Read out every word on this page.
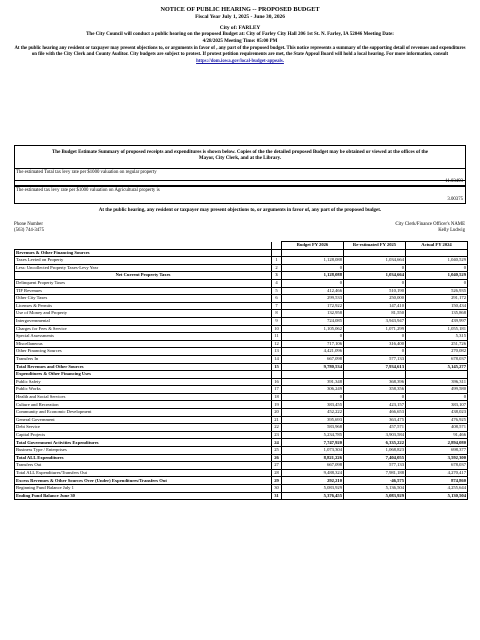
NOTICE OF PUBLIC HEARING -- PROPOSED BUDGET
Fiscal Year July 1, 2025 - June 30, 2026
City of: FARLEY
The City Council will conduct a public hearing on the proposed Budget at: City of Farley City Hall 206 1st St. N. Farley, IA 52046 Meeting Date:
4/28/2025 Meeting Time: 05:00 PM
At the public hearing any resident or taxpayer may present objections to, or arguments in favor of , any part of the proposed budget. This notice represents a summary of the supporting detail of revenues and expenditures on file with the City Clerk and County Auditor. City budgets are subject to protest. If protest petition requirements are met, the State Appeal Board will hold a local hearing. For more information, consult https://dom.iowa.gov/local-budget-appeals.
The Budget Estimate Summary of proposed receipts and expenditures is shown below. Copies of the the detailed proposed Budget may be obtained or viewed at the offices of the Mayor, City Clerk, and at the Library.
The estimated Total tax levy rate per $1000 valuation on regular property
11.03493
The estimated tax levy rate per $1000 valuation on Agricultural property is
3.00375
At the public hearing, any resident or taxpayer may present objections to, or arguments in favor of, any part of the proposed budget.
Phone Number
(563) 744-3475
City Clerk/Finance Officer's NAME
Kelly Ludwig
		Budget FY 2026	Re-estimated FY 2025	Actual FY 2024
Revenues & Other Financing Sources				
Taxes Levied on Property	1	1,128,088	1,034,664	1,040,529
Less: Uncollected Property Taxes-Levy Year	2	0	0	0
Net Current Property Taxes	3	1,128,088	1,034,664	1,040,529
Delinquent Property Taxes	4	0	0	0
TIF Revenues	5	412,466	510,190	526,935
Other City Taxes	6	299,533	250,000	291,172
Licenses & Permits	7	172,922	147,410	150,434
Use of Money and Property	8	132,958	81,550	135,868
Intergovernmental	9	724,085	3,943,947	439,997
Charges for Fees & Service	10	1,105,062	1,071,299	1,055,181
Special Assessments	11	0	0	5,315
Miscellaneous	12	717,106	316,400	251,726
Other Financing Sources	13	4,421,096	0	270,082
Transfers In	14	667,098	577,133	678,037
Total Revenues and Other Sources	15	9,780,534	7,934,613	5,145,277
Expenditures & Other Financing Uses				
Public Safety	16	391,348	368,396	396,311
Public Works	17	306,249	358,356	499,580
Health and Social Services	18	0	0	0
Culture and Recreation	19	383,455	423,157	383,107
Community and Economic Development	20	452,222	466,653	438,023
General Government	21	395,693	363,475	476,925
Debt Service	22	583,968	457,571	408,571
Capital Projects	23	5,234,785	3,903,584	91,466
Total Government Activities Expenditures	24	7,747,920	6,335,222	2,894,080
Business Type / Enterprises	25	1,073,304	1,068,823	698,377
Total ALL Expenditures	26	8,821,226	7,404,055	3,592,300
Transfers Out	27	667,098	577,133	678,037
Total ALL Expenditures/Transfers Out	28	9,488,324	7,981,188	4,270,417
Excess Revenues & Other Sources Over (Under) Expenditures/Transfers Out	29	292,210	-46,575	874,860
Beginning Fund Balance July 1	30	5,083,929	5,136,504	4,255,644
Ending Fund Balance June 30	31	5,376,455	5,083,929	5,130,504
